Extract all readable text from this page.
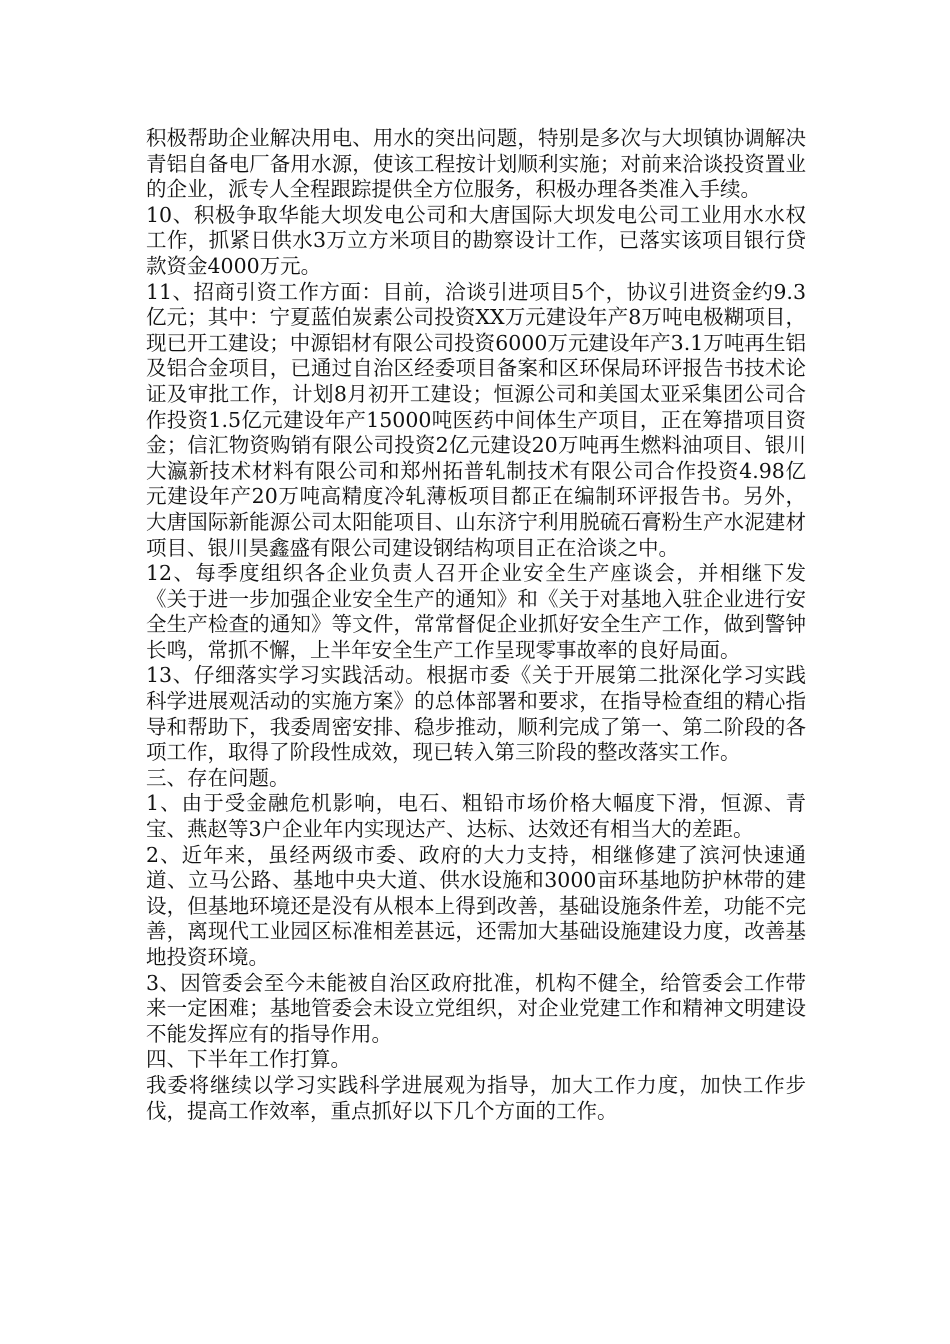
积极帮助企业解决用电、用水的突出问题，特别是多次与大坝镇协调解决青铝自备电厂备用水源，使该工程按计划顺利实施；对前来洽谈投资置业的企业，派专人全程跟踪提供全方位服务，积极办理各类准入手续。

10、积极争取华能大坝发电公司和大唐国际大坝发电公司工业用水水权工作，抓紧日供水3万立方米项目的勘察设计工作，已落实该项目银行贷款资金4000万元。

11、招商引资工作方面：目前，洽谈引进项目5个，协议引进资金约9.3亿元；其中：宁夏蓝伯炭素公司投资XX万元建设年产8万吨电极糊项目，现已开工建设；中源铝材有限公司投资6000万元建设年产3.1万吨再生铝及铝合金项目，已通过自治区经委项目备案和区环保局环评报告书技术论证及审批工作，计划8月初开工建设；恒源公司和美国太亚采集团公司合作投资1.5亿元建设年产15000吨医药中间体生产项目，正在筹措项目资金；信汇物资购销有限公司投资2亿元建设20万吨再生燃料油项目、银川大瀛新技术材料有限公司和郑州拓普轧制技术有限公司合作投资4.98亿元建设年产20万吨高精度冷轧薄板项目都正在编制环评报告书。另外，大唐国际新能源公司太阳能项目、山东济宁利用脱硫石膏粉生产水泥建材项目、银川昊鑫盛有限公司建设钢结构项目正在洽谈之中。

12、每季度组织各企业负责人召开企业安全生产座谈会，并相继下发《关于进一步加强企业安全生产的通知》和《关于对基地入驻企业进行安全生产检查的通知》等文件，常常督促企业抓好安全生产工作，做到警钟长鸣，常抓不懈，上半年安全生产工作呈现零事故率的良好局面。

13、仔细落实学习实践活动。根据市委《关于开展第二批深化学习实践科学进展观活动的实施方案》的总体部署和要求，在指导检查组的精心指导和帮助下，我委周密安排、稳步推动，顺利完成了第一、第二阶段的各项工作，取得了阶段性成效，现已转入第三阶段的整改落实工作。

三、存在问题。

1、由于受金融危机影响，电石、粗铅市场价格大幅度下滑，恒源、青宝、燕赵等3户企业年内实现达产、达标、达效还有相当大的差距。

2、近年来，虽经两级市委、政府的大力支持，相继修建了滨河快速通道、立马公路、基地中央大道、供水设施和3000亩环基地防护林带的建设，但基地环境还是没有从根本上得到改善，基础设施条件差，功能不完善，离现代工业园区标准相差甚远，还需加大基础设施建设力度，改善基地投资环境。

3、因管委会至今未能被自治区政府批准，机构不健全，给管委会工作带来一定困难；基地管委会未设立党组织，对企业党建工作和精神文明建设不能发挥应有的指导作用。

四、下半年工作打算。

我委将继续以学习实践科学进展观为指导，加大工作力度，加快工作步伐，提高工作效率，重点抓好以下几个方面的工作。
